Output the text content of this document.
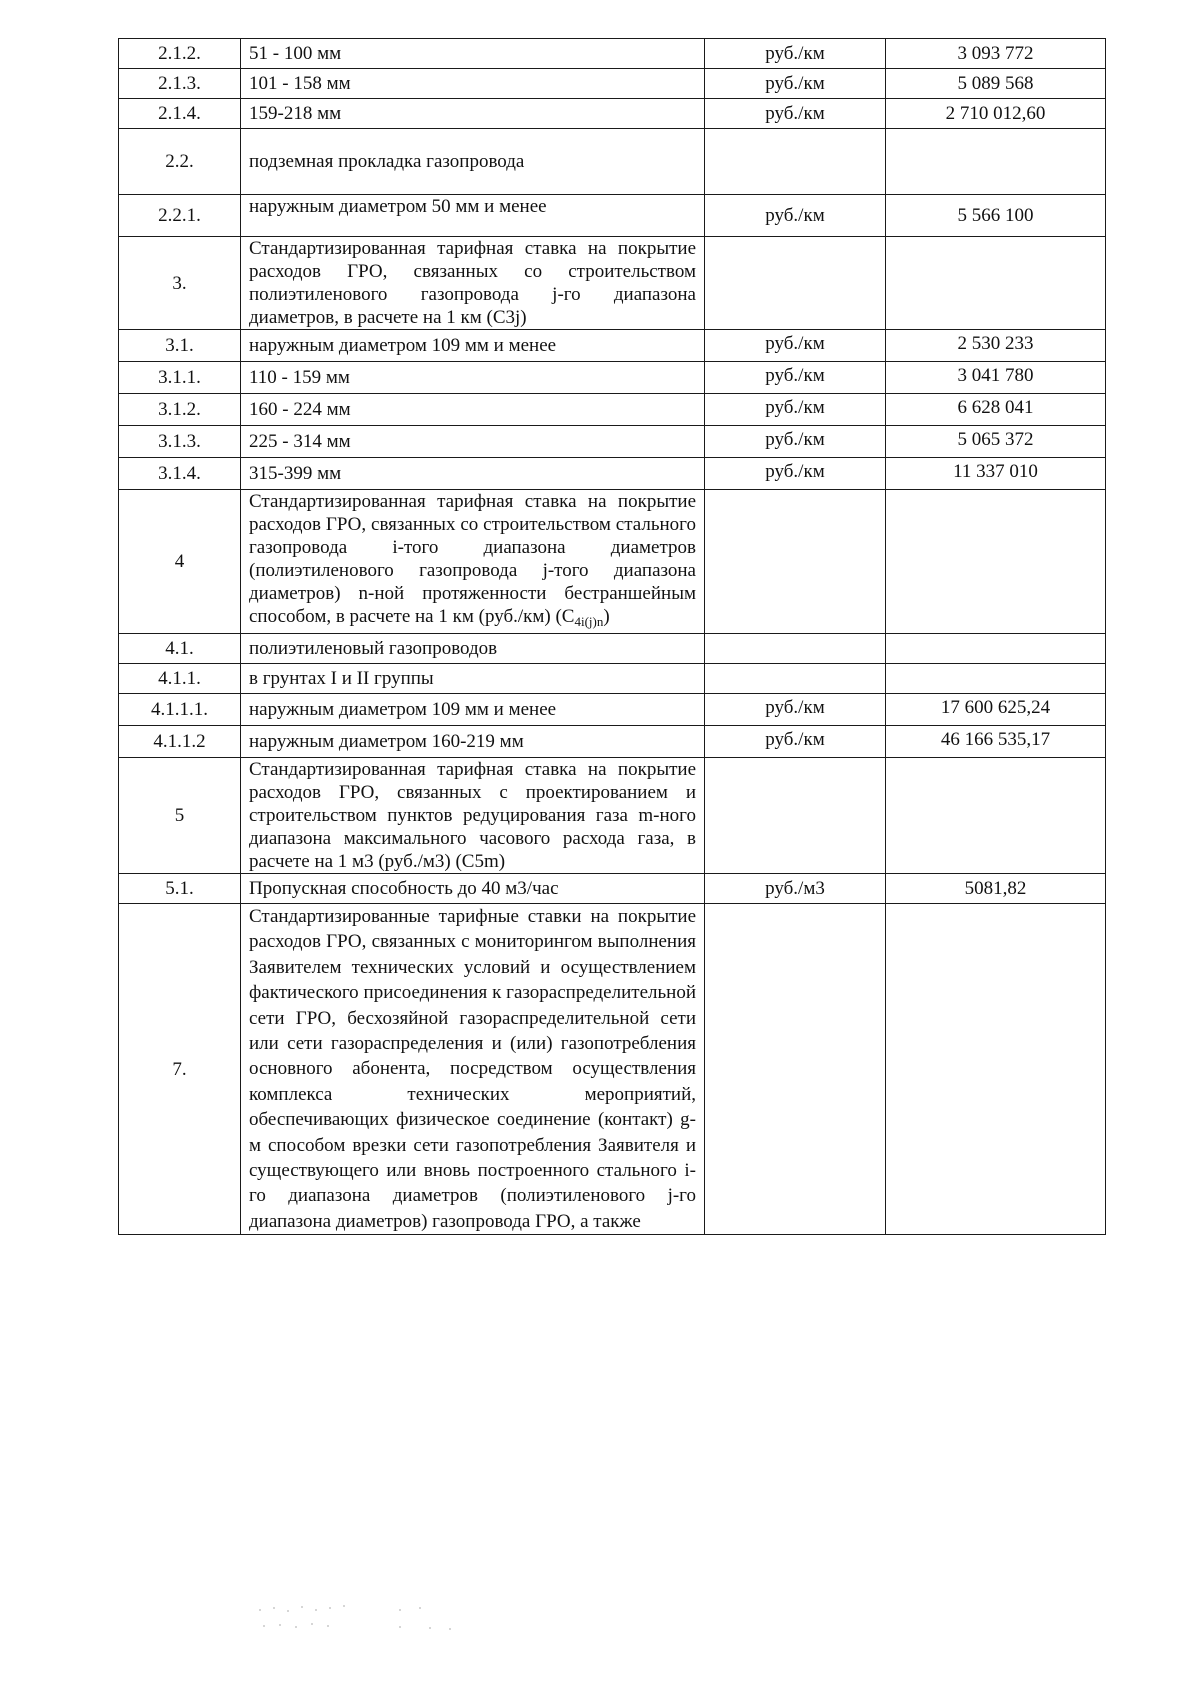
2.1.2.	51 - 100 мм	руб./км	3 093 772
2.1.3.	101 - 158 мм	руб./км	5 089 568
2.1.4.	159-218 мм	руб./км	2 710 012,60
2.2.	подземная прокладка газопровода		
2.2.1.	наружным диаметром 50 мм и менее	руб./км	5 566 100
3.	Стандартизированная тарифная ставка на покрытие расходов ГРО, связанных со строительством полиэтиленового газопровода j-го диапазона диаметров, в расчете на 1 км (С3j)		

3.1.	наружным диаметром 109 мм и менее	руб./км	2 530 233
3.1.1.	110 - 159 мм	руб./км	3 041 780
3.1.2.	160 - 224 мм	руб./км	6 628 041
3.1.3.	225 - 314 мм	руб./км	5 065 372
3.1.4.	315-399 мм	руб./км	11 337 010
4	Стандартизированная тарифная ставка на покрытие расходов ГРО, связанных со строительством стального газопровода i-того диапазона диаметров (полиэтиленового газопровода j-того диапазона диаметров) n-ной протяженности бестраншейным способом, в расчете на 1 км (руб./км) $(С_{4i(j)n})$		

4.1.	полиэтиленовый газопроводов		
4.1.1.	в грунтах I и II группы		
4.1.1.1.	наружным диаметром 109 мм и менее	руб./км	17 600 625,24
4.1.1.2	наружным диаметром 160-219 мм	руб./км	46 166 535,17
5	Стандартизированная тарифная ставка на покрытие расходов ГРО, связанных с проектированием и строительством пунктов редуцирования газа m-ного диапазона максимального часового расхода газа, в расчете на 1 м3 (руб./м3) (С5m)		

5.1.	Пропускная способность до 40 м3/час	руб./м3	5081,82
7.	Стандартизированные тарифные ставки на покрытие расходов ГРО, связанных с мониторингом выполнения Заявителем технических условий и осуществлением фактического присоединения к газораспределительной сети ГРО, бесхозяйной газораспределительной сети или сети газораспределения и (или) газопотребления основного абонента, посредством осуществления комплекса технических мероприятий, обеспечивающих физическое соединение (контакт) g-м способом врезки сети газопотребления Заявителя и существующего или вновь построенного стального i-го диапазона диаметров (полиэтиленового j-го диапазона диаметров) газопровода ГРО, а также		
